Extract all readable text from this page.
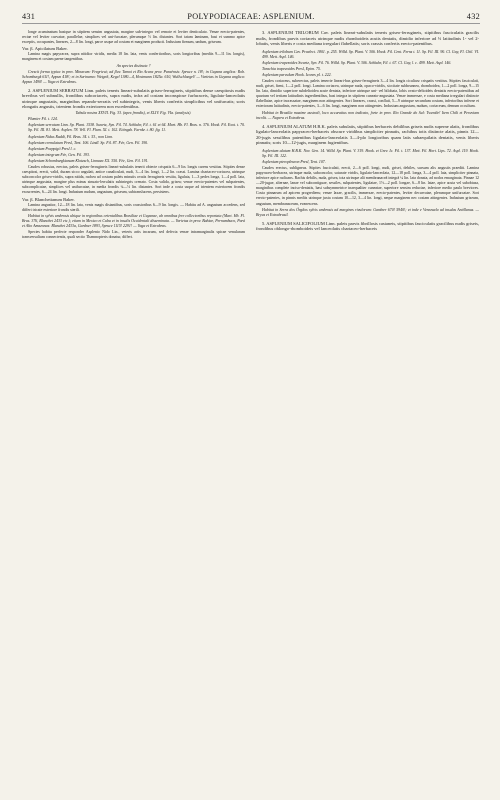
431	POLYPODIACEAE: ASPLENIUM.	432

longe acuminatum basique in stipitem sensim angustata, margine sub-integro vel remote et leviter denticulato. Venae erecto-patentes, rectae vel leviter curvatae, parallelae, simplices vel uni-furcatae, plerumque ⅓ lin. distantes. Sori tatam laminam, basi et summo apice exceptis, occupantes, lineares, 2—8 lin. longi, parce usque ad costam et marginem producti. Indusium firmum, undum, griseum.

Var. β. Apicilatum Baker.

Lamina magis papyracea, supra nitidior viridis, media 18 lin. lata, venis confertioribus, soris longioribus (mediis 9—11 lin. longis), marginem et costam paene tangentibus.

An species distincta ?

Crescit forma typica in prov. Minarum: Fregrieui; ad fluv. Tamoi et Rio Acara prov. Paraënsis: Spruce n. 18!; in Guyana anglica: Rob. Schomburgk 611!, Appun 418!; et in Surinamo: Wetgelt, Kegel 1380—4, Hostmann 1825a. 610, Wullschlaegel! — Varietas in Guyana anglica: Appun 1490! — Vaga et Extrabras.

2. ASPLENIUM SERRATUM Linn. paleis teneris lineari-subulatis griseo-ferrugineis, stipitibus dense caespitosis nudis brevibus vel subnullis, frondibus subcoriaceis, supra nudis, infra ad costam inconspicue furfuraceis, ligulato-lanceolatis utrinque angustatis, marginibus repando-serratis vel subintegris, venis liberis confertis simplicibus vel unifurcatis; soris elongatis angustis, trientem frondis exteriorem non excedentibus.

Tabula nostra XXVII. Fig. 33. (apex frondis), et XLIV. Fig. VIa. (analysis).

Plumier Fil. t. 124.

Asplenium serratum Linn. Sp. Plant. 1538. Swartz, Syn. Fil. 74. Schkuhr, Fil. t. 61 et 64. Mart. Hb. Fl. Bras. n. 376. Hook. Fil. Exot. t. 70. Sp. Fil. III. 81. Mett. Asplen. 78. Vell. Fl. Flum. XI. t. 102. Ettingsh. Farnkr. t. 80. fig. 11.

Asplenium Nidus Raddi, Fil. Bras. 34. t. 53., non Linn.

Asplenium crenulatum Presl, Tent. 106. Lindl. Sp. Fil. 87. Fée, Gen. Fil. 190.

Asplenium Poeppigii Presl l. c.

Asplenium integrum Fée, Gen. Fil. 193.

Asplenium Schomburgkianum Klotzsch, Linnaea XX. 350. Fée, Gen. Fil. 191.

Caudex robustus, erectus, paleis griseo-ferrugineis lineari-subulatis tenerit obtecte crispatis 6—9 lin. longis carens vestitus. Stipites dense caespitosi, erecti, valid, duram sicco angulati, antice canaliculati, nudi, 3—4 lin. longi, 1—2 lin. crassi. Lamina chartaceo-coriacea, utrinque subconcolor griseo-viridis, supra nitida, rachea ad costam paleis minutis ovatis ferrugineis vestita, ligulata, 1—3 pedes longa, 1—4 poll. lata, utrinque angustata, margine plus minus sinuato-lerrulatis subintegris crenato. Costa valida, grisea; venae erecto-patentes vel subpatentes, subcomplicatae, simplices vel unifurcatae, in media frondis ¼—⅓ lin. distantes. Sori inde a costa usque ad trientem exteriorem frondis excurrentes, 6—24 lin. longi. Indusium nudum, angustum, griseum, subtranslucens, persistens.

Var. β. Blanchetianum Baker.

Lamina angustior, 12—18 lin. lata, venis magis distantibus, soris crassioribus 6—9 lin. longis. — Habitu ad A. angustum accedens, sed differt tricate exteriore frondis sterili.

Habitat in sylvis umbrosis ubique in regionibus orientalibus Brasiliae et Guyanae, ab omnibus fere collectoribus reportata (Mart. Hb. Fl. Bras. 376, Blanchet 2433 etc.); etiam in Mexico et Cuba et in insulis Occidentali disseminata. — Varietas in prov. Bahiae, Pernambuco, Pará et Alto Amazonas: Blanchet 2433a, Gardner 1893, Spruce 1115! 2291! — Vaga et Extrabras.

Species habitu perfecte responder Asplenio Nido Lin., veteris artis incarum, sed defecta venae intramarginalis spicae venularum transversalium connectentis, quali sectio Thamnopteris donatur, differt.

3. ASPLENIUM TRILOBUM Cav. paleis lineari-subulatis teneris griseo-ferrugineis, stipitibus fasciculatis gracilis nudis, frondibus parvis coriaceis utrinque nudis rhomboideis acutis dentatis, dimidio inferiore ad ⅓ latitudinis 1- vel 2-lobatis, venis liberis e costa mediana irregulari flabellatis; soris crassis confertis erecto-patentibus.

Asplenium trilobum Cav. Praelect. 1801. p. 255. Willd. Sp. Plant. V. 306. Hook. Fil. Cent. Ferns t. 11. Sp. Fil. III. 90. Cl. Gay, Fl. Chil. VI. 499. Mett. Aspl. 146.

Asplenium trapezoides Swartz, Syn. Fil. 76. Willd. Sp. Plant. V. 306. Schkuhr, Fil. t. 67. Cl. Gay, l. c. 499. Mett. Aspl. 146.

Tarachia trapezoides Presl, Epim. 75.

Asplenium parvulum Hook. Icones pl. t. 222.

Caudex coriaceus, suberectus, paleis tenerrie lineari-bus griseo-ferrugineis 3—4 lin. longis ciculiusr crispatis vestitus. Stipites fasciculati, nudi, grisei, firmi, 1—2 poll. longi. Lamina coriacea, utrinque nuda, opaco-viridis, siccitate subbrunnea, rhomboidea, 1—2 poll. longa, 9—15 lin. lata, dimidio superiore subdeltoidea acute dentata, inferiore utrinque uni- vel bilobata, lobis ovato-deltoideis dentatis erecto-patentibus ad quartum vel tertiam latitudinis ingredientibus, basi integra in stipitem cuneato-angustata. Venae immersae, e costa mediana irregulari distincte flabellatae, apice incrassatae, marginem non attingentes. Sori lineares, crassi, confluti, 5—9 utrinque secundum costam, inferioribus inferne et exterioram latitudinis, erecto-patentes, 3—6 lin. longi, marginem non attingentes. Indusium angustum, nudum, coriaceum, demum occultum.

Habitat in Brasilia maxime australi, loco accuratius non indicato, forte in prov. Rio Grande do Sul: Tweedie! Item Chili et Peruviam incolit. — Nupera et Extrabras.

4. ASPLENIUM ALATUM H.B.K. paleis subulatis, stipitibus herbaceis debilibus griseis nudis superne alatis, frondibus ligulato-lanceolatis papyraceo-herbaceis obscure viridibus simpliciter pinnatis, rachibus totis distincte alatis, pinnis 12—20-jugis sessilibus patentibus ligulato-lanceolatis 3—4-plo longioribus quam latis subaequilatis dentatis, venis liberis pinnatis; soris 10—12-jugis, marginem fugientibus.

Asplenium alatum H.B.K. Nov. Gen. 14. Willd. Sp. Plant. V. 319. Hook. et Grev. Ic. Fil. t. 137. Mett. Fil. Hort. Lips. 72. Aspl. 119. Hook. Sp. Fil. III. 122.

Asplenium pteropleuron Presl, Tent. 107.

Caudex erectus, subligneus. Stipites fasciculati, erecti, 2—6 poll. longi, nudi, grisei, debiles, sursum alis angustis praediti. Lamina papyraceo-herbacea, utrinque nuda, subconcolor, saturate viridis, ligulato-lanceolata, 12—18 poll. longa, 3—4 poll. lata, simpliciter pinnata, inferiore apice radicans. Rachis debilis, nuda, grisea, tota utrinque alā membranaceā integrā ¼ lin. lata donata, ad nodos emarginata. Pinnae 12—20-jugae, alternae, lanae vel subcontiguae, sessiles, subpatentes, ligulatae, 1½—2 poll. longae, 6—8 lin. latae, apice acuta vel subobtusa, marginibus complete inciso-dentatis, basi subsymmetrice inaequaliter cuneatae, superiore sensim reductae, inferiore medio paulo breviores. Costa pinnarum ad apicem progrediens; venae laxae, gracilis, immersae, erecto-patentes, leviter decurvatae, plerumque unifurcatae. Sori erecto-patentes, in pinnis mediis utrinque juxta costam 10—12, 3—4 lin. longi, neque marginem nec costam attingentes. Indusium griseum, angustum, membranaceum, evanescens.

Habitat in Serra dos Órgãos sylvis umbrosis ad margines rivulorum: Gardner 670! 5940!; et inde e Venezuela ad insulas Antillanas. — Bryus et Extrabrasil.

5. ASPLENIUM SALICIFOLIUM Linn. paleis parvis fibrillosis castaneis, stipitibus fasciculatis gracilibus nudis griseis, frondibus oblongo-rhomboideis vel lanceolatis chartaceo-herbaceis
